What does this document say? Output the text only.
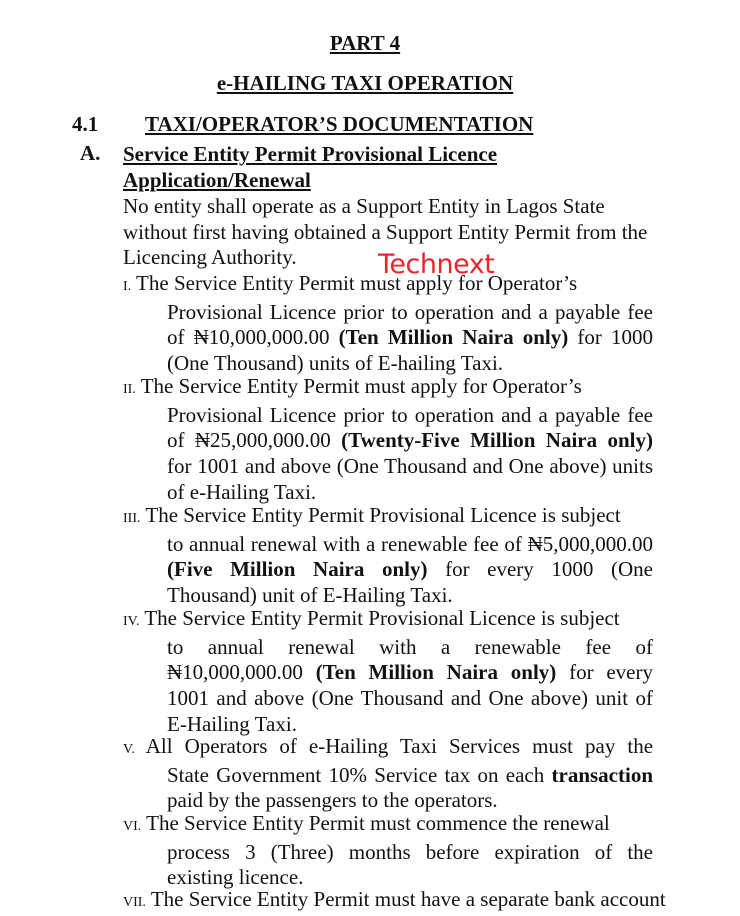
PART 4
e-HAILING TAXI OPERATION
4.1 TAXI/OPERATOR’S DOCUMENTATION
A. Service Entity Permit Provisional Licence Application/Renewal
No entity shall operate as a Support Entity in Lagos State without first having obtained a Support Entity Permit from the Licencing Authority.
I. The Service Entity Permit must apply for Operator’s
Provisional Licence prior to operation and a payable fee of ₦10,000,000.00 (Ten Million Naira only) for 1000 (One Thousand) units of E-hailing Taxi.
II. The Service Entity Permit must apply for Operator’s
Provisional Licence prior to operation and a payable fee of ₦25,000,000.00 (Twenty-Five Million Naira only) for 1001 and above (One Thousand and One above) units of e-Hailing Taxi.
III. The Service Entity Permit Provisional Licence is subject
to annual renewal with a renewable fee of ₦5,000,000.00 (Five Million Naira only) for every 1000 (One Thousand) unit of E-Hailing Taxi.
IV. The Service Entity Permit Provisional Licence is subject
to annual renewal with a renewable fee of ₦10,000,000.00 (Ten Million Naira only) for every 1001 and above (One Thousand and One above) unit of E-Hailing Taxi.
V. All Operators of e-Hailing Taxi Services must pay the
State Government 10% Service tax on each transaction paid by the passengers to the operators.
VI. The Service Entity Permit must commence the renewal
process 3 (Three) months before expiration of the existing licence.
VII. The Service Entity Permit must have a separate bank account
Technext
